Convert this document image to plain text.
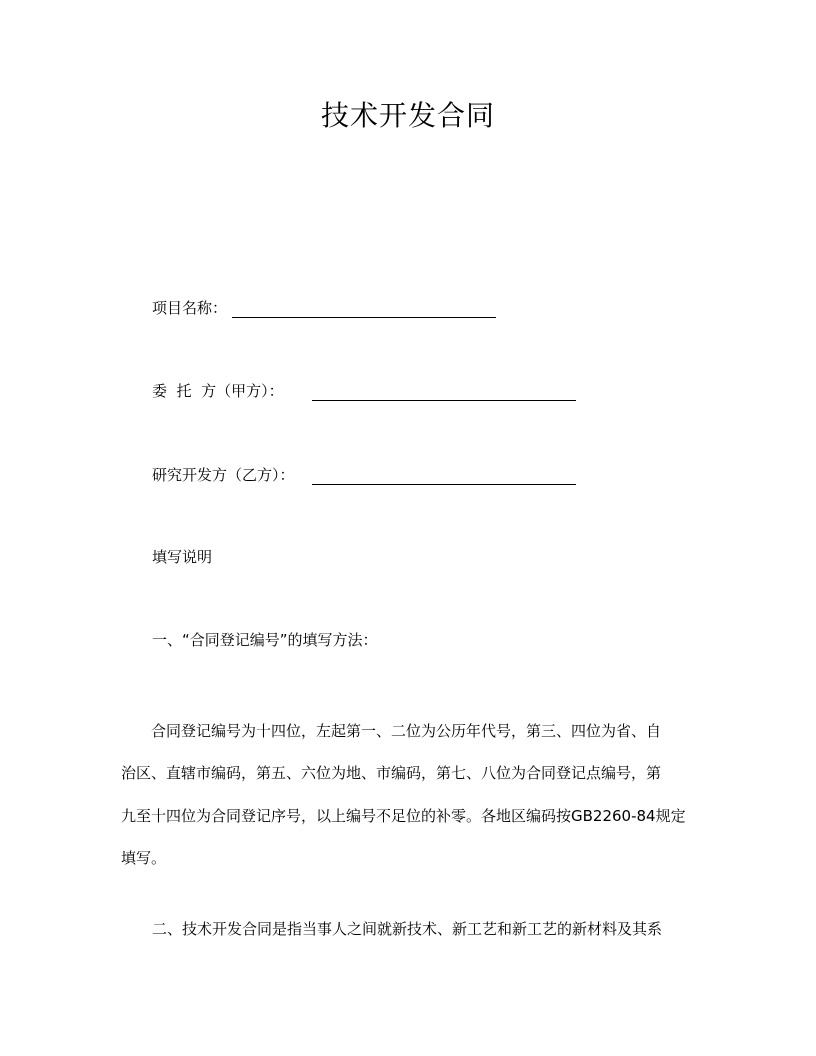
技术开发合同
项目名称：
委  托  方（甲方）：
研究开发方（乙方）：
填写说明
一、“合同登记编号”的填写方法：
合同登记编号为十四位，左起第一、二位为公历年代号，第三、四位为省、自
治区、直辖市编码，第五、六位为地、市编码，第七、八位为合同登记点编号，第
九至十四位为合同登记序号，以上编号不足位的补零。各地区编码按GB2260-84规定
填写。
二、技术开发合同是指当事人之间就新技术、新工艺和新工艺的新材料及其系
